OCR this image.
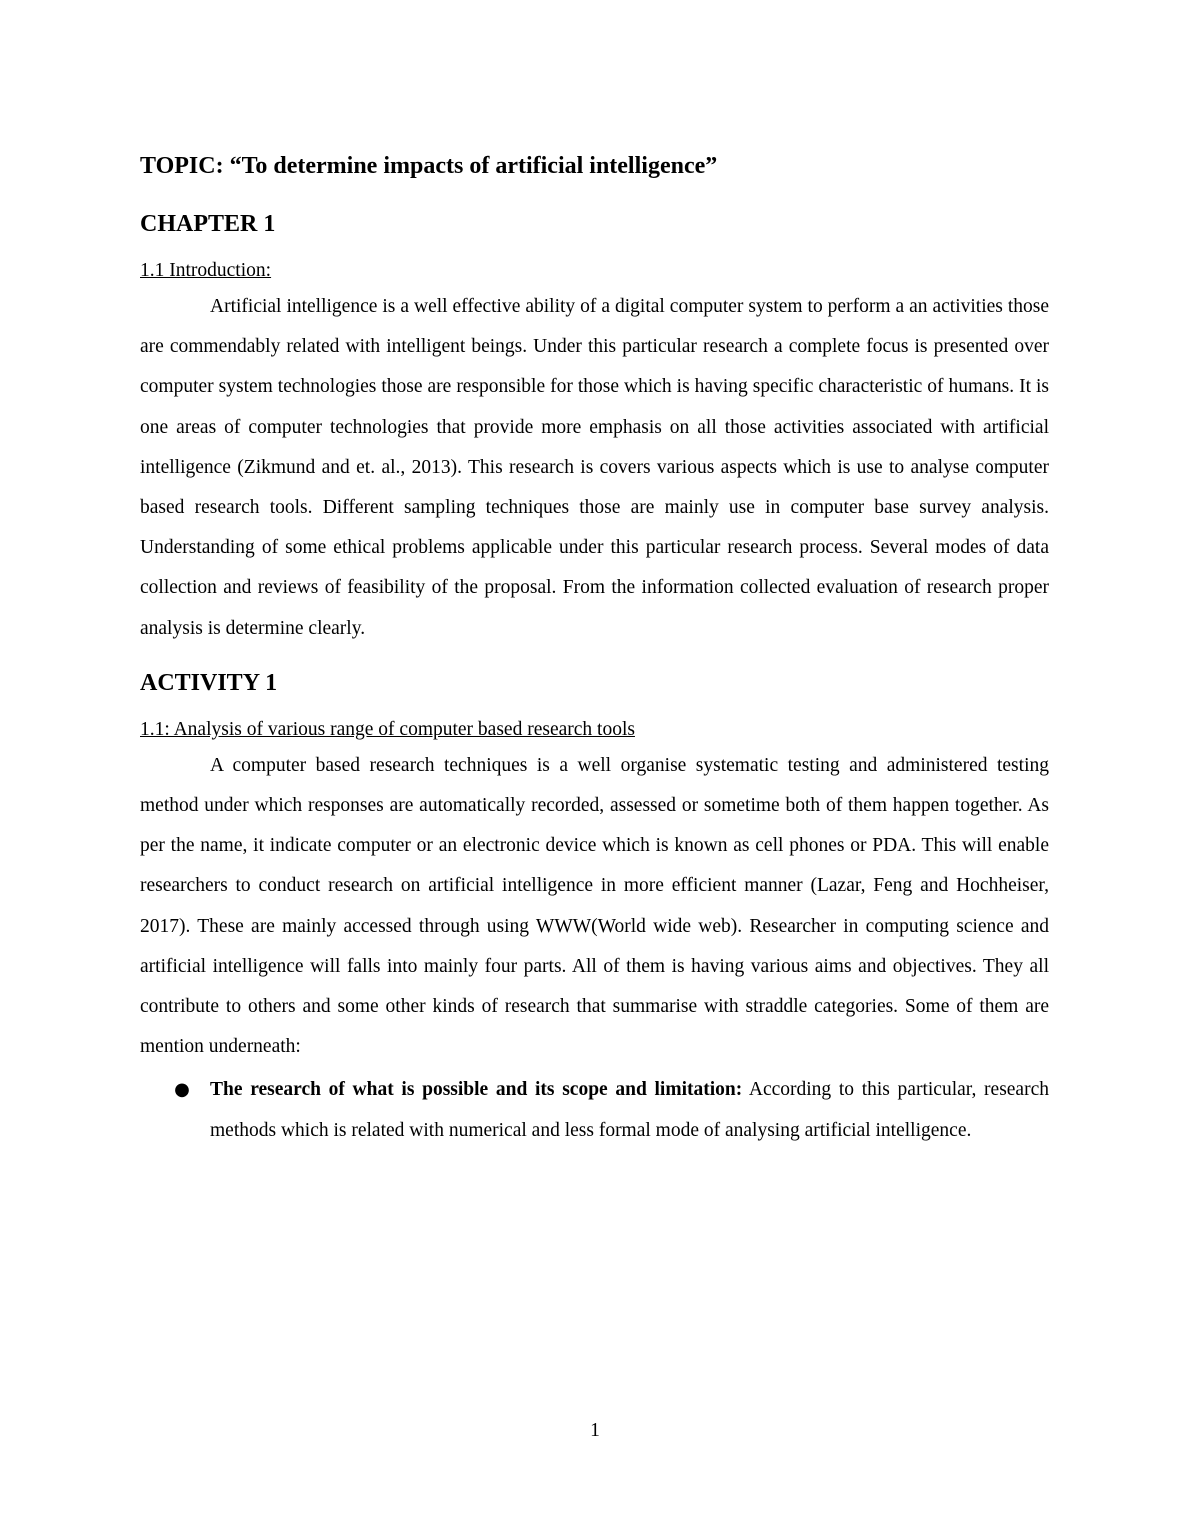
TOPIC: “To determine impacts of artificial intelligence”
CHAPTER 1
1.1 Introduction:

Artificial intelligence is a well effective ability of a digital computer system to perform a an activities those are commendably related with intelligent beings. Under this particular research a complete focus is presented over computer system technologies those are responsible for those which is having specific characteristic of humans. It is one areas of computer technologies that provide more emphasis on all those activities associated with artificial intelligence (Zikmund and et. al., 2013). This research is covers various aspects which is use to analyse computer based research tools. Different sampling techniques those are mainly use in computer base survey analysis. Understanding of some ethical problems applicable under this particular research process. Several modes of data collection and reviews of feasibility of the proposal. From the information collected evaluation of research proper analysis is determine clearly.

ACTIVITY 1
1.1: Analysis of various range of computer based research tools

A computer based research techniques is a well organise systematic testing and administered testing method under which responses are automatically recorded, assessed or sometime both of them happen together. As per the name, it indicate computer or an electronic device which is known as cell phones or PDA. This will enable researchers to conduct research on artificial intelligence in more efficient manner (Lazar, Feng and Hochheiser, 2017). These are mainly accessed through using WWW(World wide web). Researcher in computing science and artificial intelligence will falls into mainly four parts. All of them is having various aims and objectives. They all contribute to others and some other kinds of research that summarise with straddle categories. Some of them are mention underneath:

● The research of what is possible and its scope and limitation: According to this particular, research methods which is related with numerical and less formal mode of analysing artificial intelligence.
1
